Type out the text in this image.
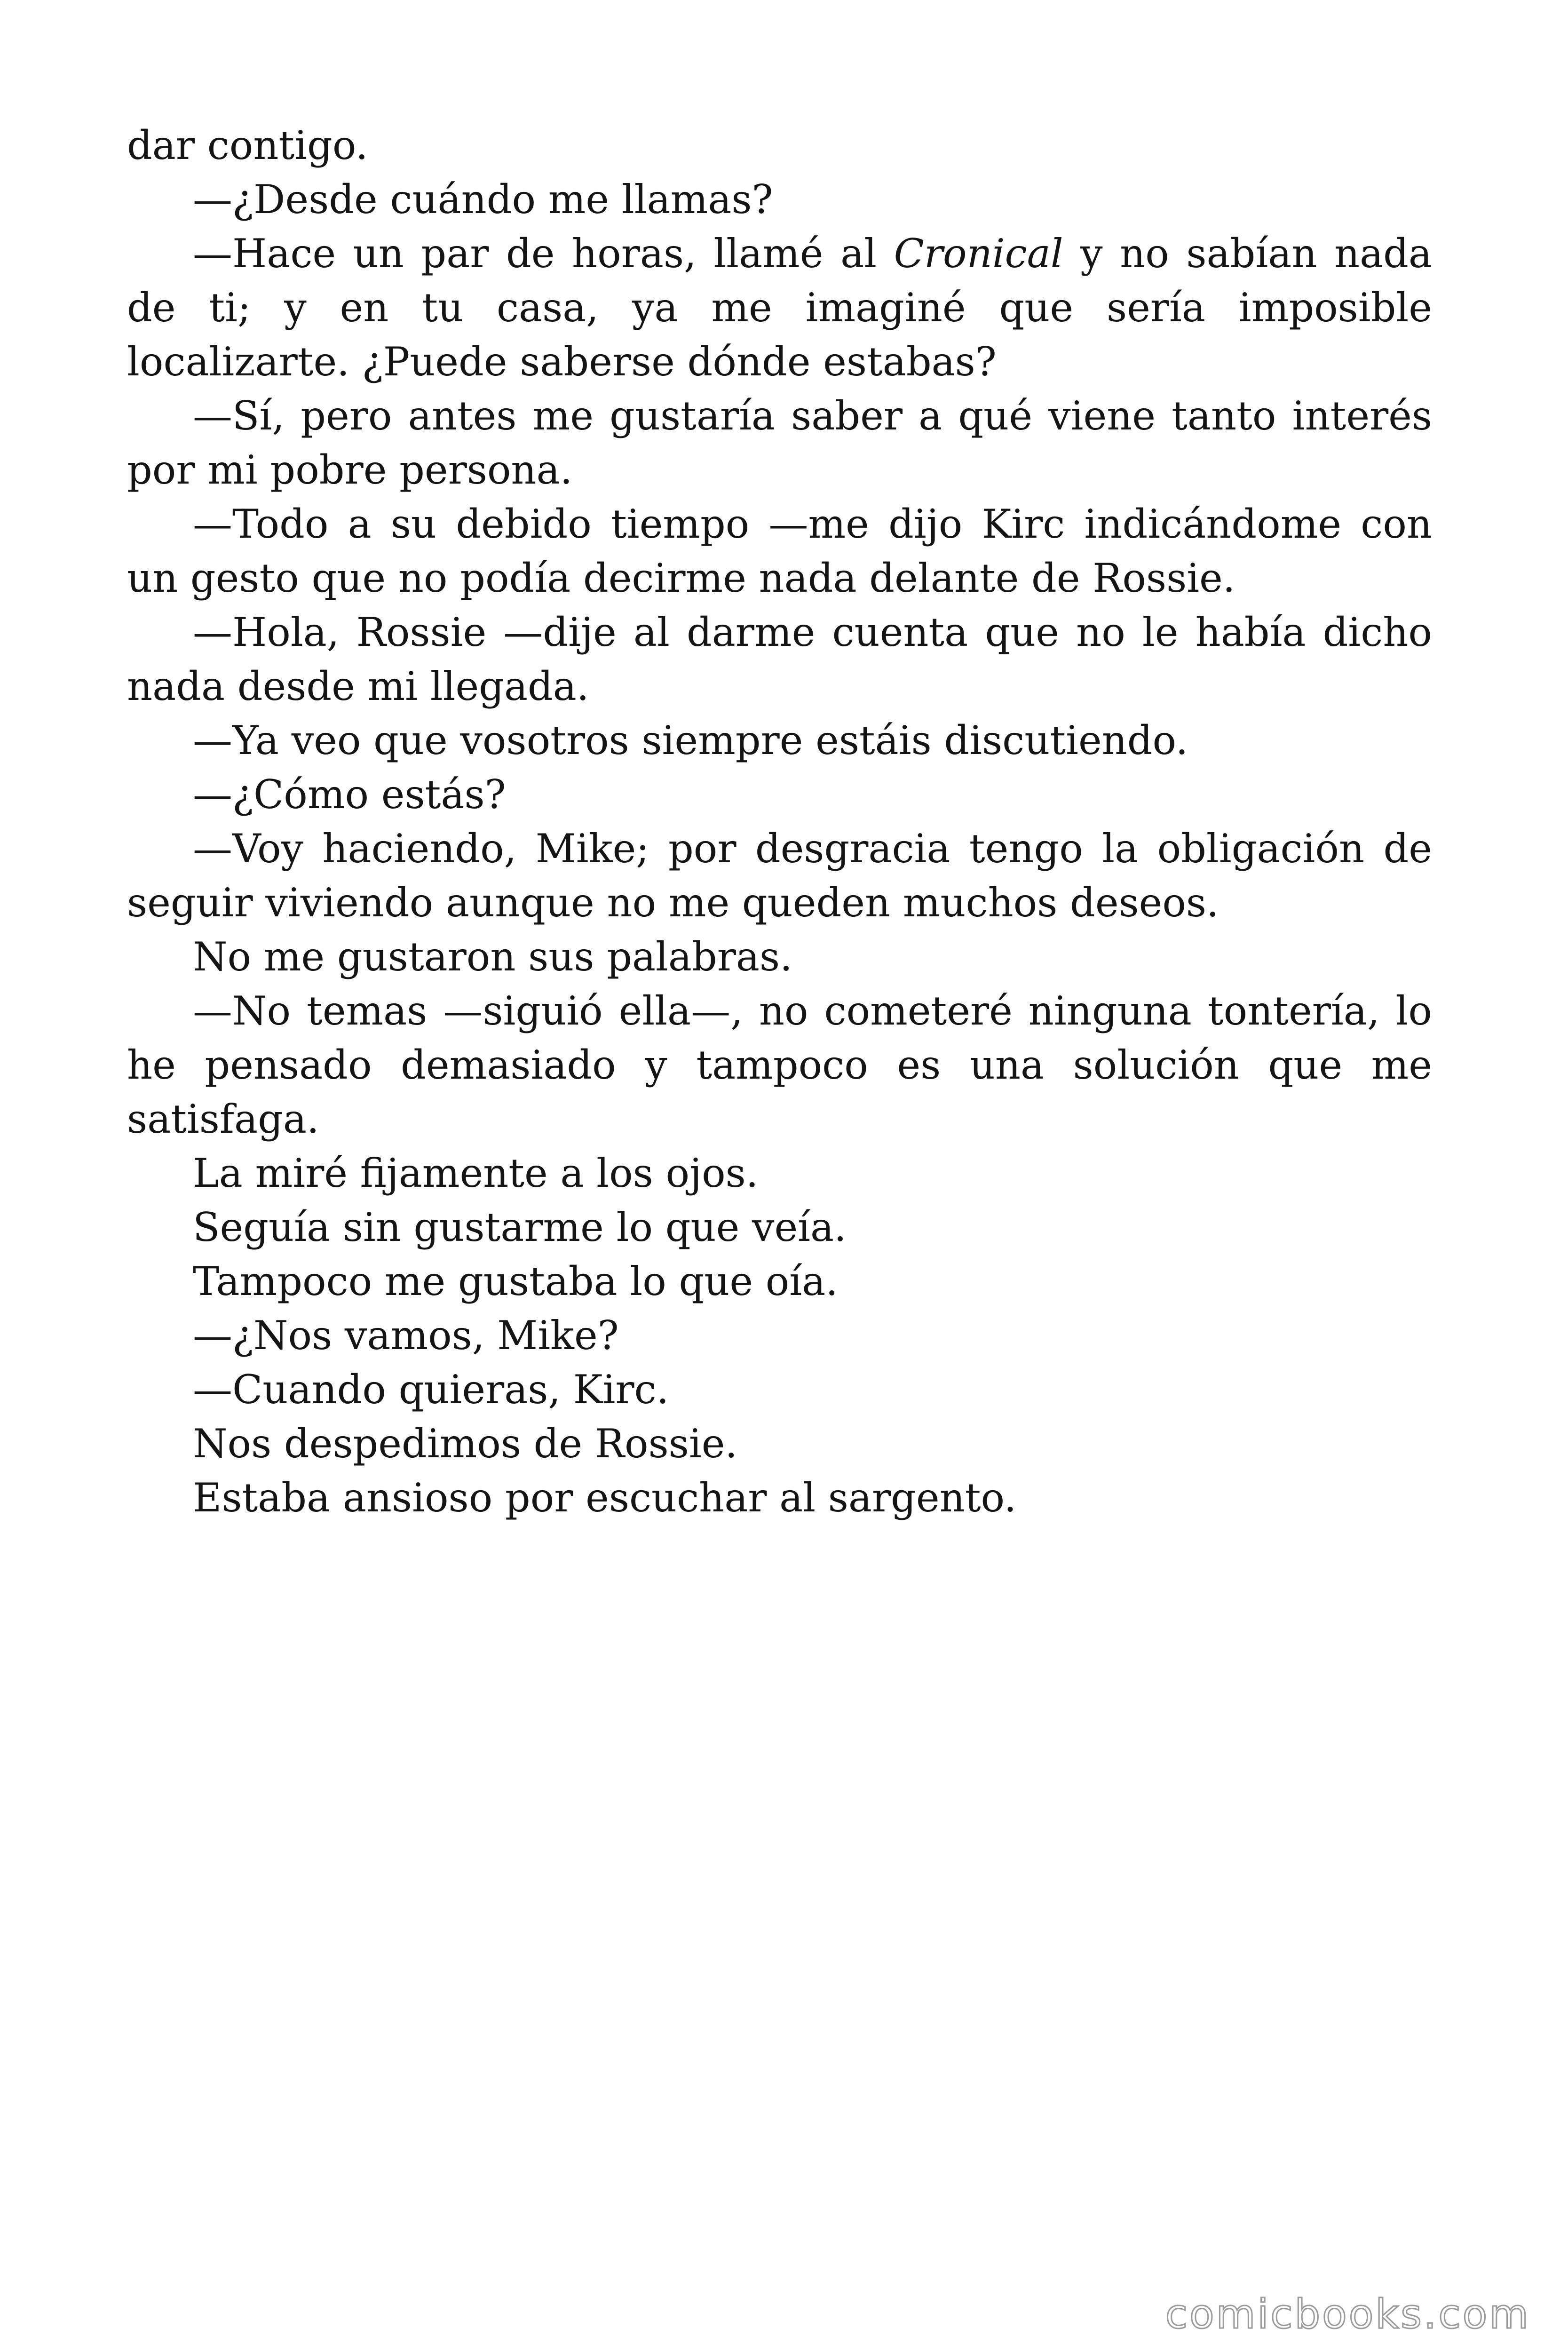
dar contigo.

—¿Desde cuándo me llamas?

—Hace un par de horas, llamé al Cronical y no sabían nada de ti; y en tu casa, ya me imaginé que sería imposible localizarte. ¿Puede saberse dónde estabas?

—Sí, pero antes me gustaría saber a qué viene tanto interés por mi pobre persona.

—Todo a su debido tiempo —me dijo Kirc indicándome con un gesto que no podía decirme nada delante de Rossie.

—Hola, Rossie —dije al darme cuenta que no le había dicho nada desde mi llegada.

—Ya veo que vosotros siempre estáis discutiendo.

—¿Cómo estás?

—Voy haciendo, Mike; por desgracia tengo la obligación de seguir viviendo aunque no me queden muchos deseos.

No me gustaron sus palabras.

—No temas —siguió ella—, no cometeré ninguna tontería, lo he pensado demasiado y tampoco es una solución que me satisfaga.

La miré fijamente a los ojos.

Seguía sin gustarme lo que veía.

Tampoco me gustaba lo que oía.

—¿Nos vamos, Mike?

—Cuando quieras, Kirc.

Nos despedimos de Rossie.

Estaba ansioso por escuchar al sargento.

comicbooks.com
